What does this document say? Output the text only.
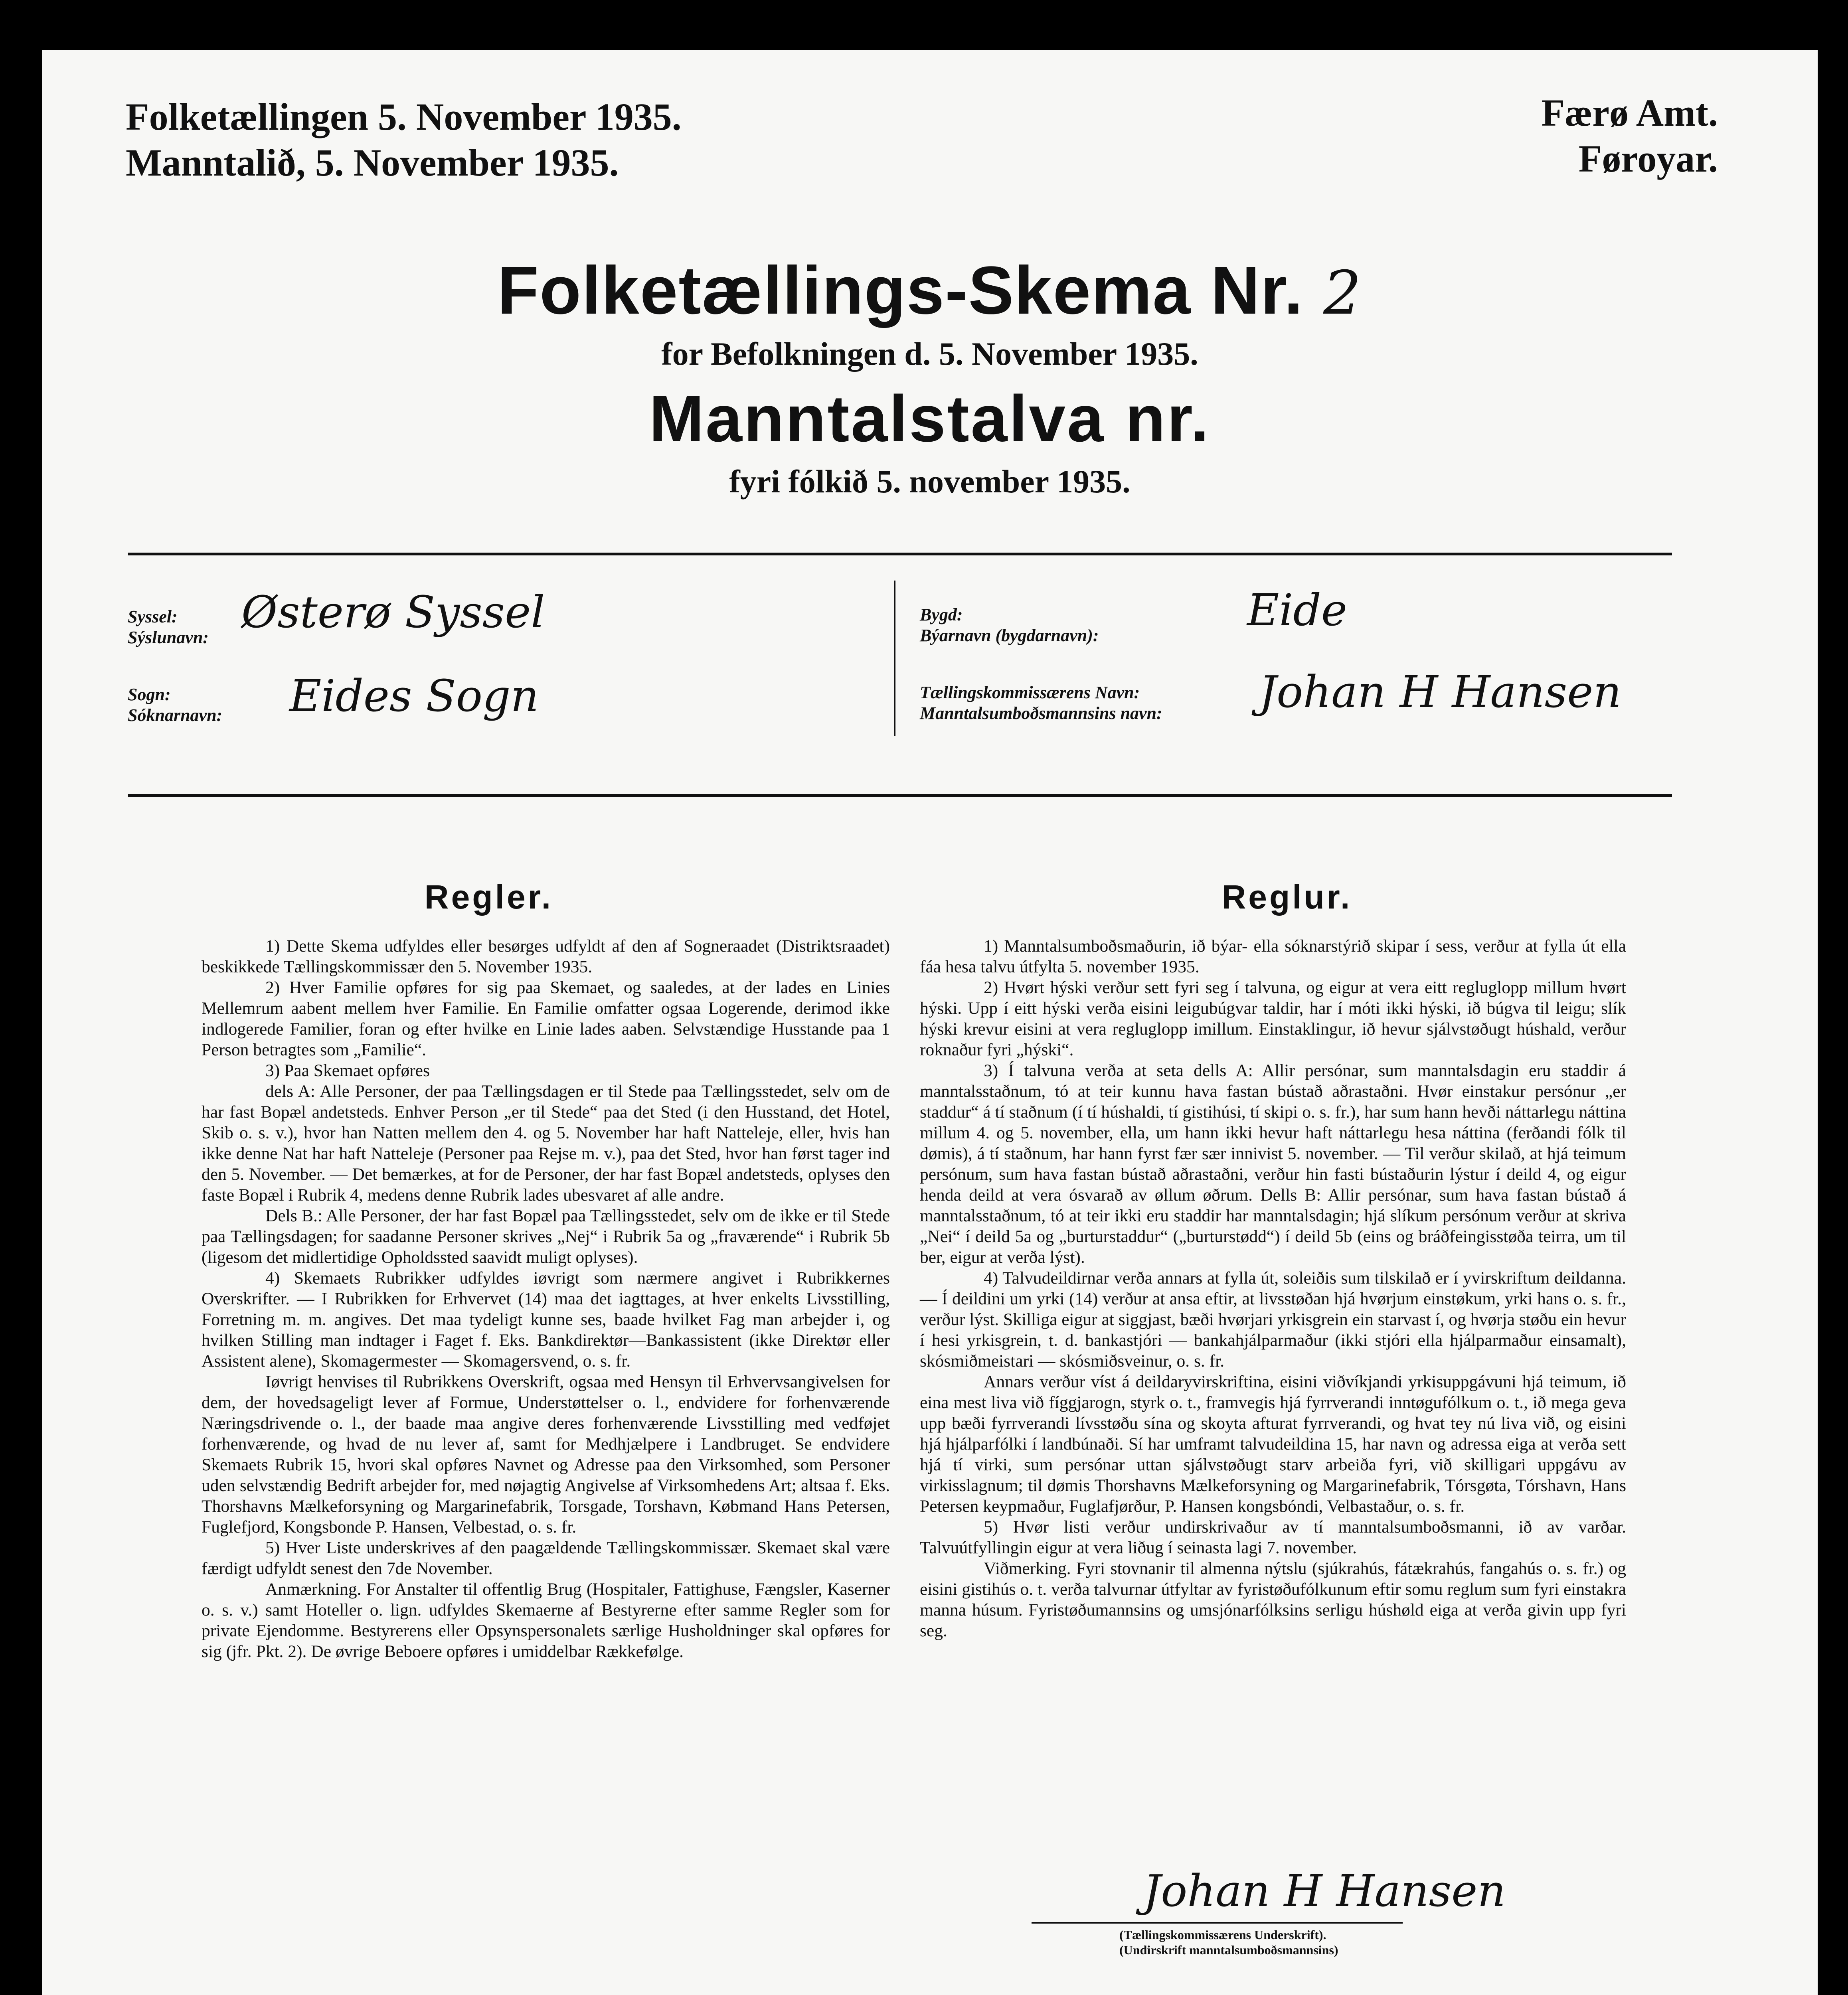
Folketællingen 5. November 1935.
Manntalið, 5. November 1935.
Færø Amt.
Føroyar.
Folketællings-Skema Nr. 2
for Befolkningen d. 5. November 1935.
Manntalstalva nr.
fyri fólkið 5. november 1935.
Syssel:
Sýslunavn: Østerø Syssel
Sogn:
Sóknarnavn: Eides Sogn
Bygd:
Býarnavn (bygdarnavn):	Eide
Tællingskommissærens Navn:
Manntalsumboðsmannsins navn: Johan H Hansen
Regler.

1) Dette Skema udfyldes eller besørges udfyldt af den af Sogneraadet (Distriktsraadet) beskikkede Tællingskommissær den 5. November 1935.

2) Hver Familie opføres for sig paa Skemaet, og saaledes, at der lades en Linies Mellemrum aabent mellem hver Familie. En Familie omfatter ogsaa Logerende, derimod ikke indlogerede Familier, foran og efter hvilke en Linie lades aaben. Selvstændige Husstande paa 1 Person betragtes som „Familie“.

3) Paa Skemaet opføres

dels A: Alle Personer, der paa Tællingsdagen er til Stede paa Tællingsstedet, selv om de har fast Bopæl andetsteds. Enhver Person „er til Stede“ paa det Sted (i den Husstand, det Hotel, Skib o. s. v.), hvor han Natten mellem den 4. og 5. November har haft Natteleje, eller, hvis han ikke denne Nat har haft Natteleje (Personer paa Rejse m. v.), paa det Sted, hvor han først tager ind den 5. November. — Det bemærkes, at for de Personer, der har fast Bopæl andetsteds, oplyses den faste Bopæl i Rubrik 4, medens denne Rubrik lades ubesvaret af alle andre.

Dels B.: Alle Personer, der har fast Bopæl paa Tællingsstedet, selv om de ikke er til Stede paa Tællingsdagen; for saadanne Personer skrives „Nej“ i Rubrik 5a og „fraværende“ i Rubrik 5b (ligesom det midlertidige Opholdssted saavidt muligt oplyses).

4) Skemaets Rubrikker udfyldes iøvrigt som nærmere angivet i Rubrikkernes Overskrifter. — I Rubrikken for Erhvervet (14) maa det iagttages, at hver enkelts Livsstilling, Forretning m. m. angives. Det maa tydeligt kunne ses, baade hvilket Fag man arbejder i, og hvilken Stilling man indtager i Faget f. Eks. Bankdirektør—Bankassistent (ikke Direktør eller Assistent alene), Skomagermester — Skomagersvend, o. s. fr.

Iøvrigt henvises til Rubrikkens Overskrift, ogsaa med Hensyn til Erhvervsangivelsen for dem, der hovedsageligt lever af Formue, Understøttelser o. l., endvidere for forhenværende Næringsdrivende o. l., der baade maa angive deres forhenværende Livsstilling med vedføjet forhenværende, og hvad de nu lever af, samt for Medhjælpere i Landbruget. Se endvidere Skemaets Rubrik 15, hvori skal opføres Navnet og Adresse paa den Virksomhed, som Personer uden selvstændig Bedrift arbejder for, med nøjagtig Angivelse af Virksomhedens Art; altsaa f. Eks. Thorshavns Mælkeforsyning og Margarinefabrik, Torsgade, Torshavn, Købmand Hans Petersen, Fuglefjord, Kongsbonde P. Hansen, Velbestad, o. s. fr.

5) Hver Liste underskrives af den paagældende Tællingskommissær. Skemaet skal være færdigt udfyldt senest den 7de November.

Anmærkning. For Anstalter til offentlig Brug (Hospitaler, Fattighuse, Fængsler, Kaserner o. s. v.) samt Hoteller o. lign. udfyldes Skemaerne af Bestyrerne efter samme Regler som for private Ejendomme. Bestyrerens eller Opsynspersonalets særlige Husholdninger skal opføres for sig (jfr. Pkt. 2). De øvrige Beboere opføres i umiddelbar Rækkefølge.

Reglur.

1) Manntalsumboðsmaðurin, ið býar- ella sóknarstýrið skipar í sess, verður at fylla út ella fáa hesa talvu útfylta 5. november 1935.

2) Hvørt hýski verður sett fyri seg í talvuna, og eigur at vera eitt regluglopp millum hvørt hýski. Upp í eitt hýski verða eisini leigubúgvar taldir, har í móti ikki hýski, ið búgva til leigu; slík hýski krevur eisini at vera regluglopp imillum. Einstaklingur, ið hevur sjálvstøðugt húshald, verður roknaður fyri „hýski“.

3) Í talvuna verða at seta dells A: Allir persónar, sum manntalsdagin eru staddir á manntalsstaðnum, tó at teir kunnu hava fastan bústað aðrastaðni. Hvør einstakur persónur „er staddur“ á tí staðnum (í tí húshaldi, tí gistihúsi, tí skipi o. s. fr.), har sum hann hevði náttarlegu náttina millum 4. og 5. november, ella, um hann ikki hevur haft náttarlegu hesa náttina (ferðandi fólk til dømis), á tí staðnum, har hann fyrst fær sær innivist 5. november. — Til verður skilað, at hjá teimum persónum, sum hava fastan bústað aðrastaðni, verður hin fasti bústaðurin lýstur í deild 4, og eigur henda deild at vera ósvarað av øllum øðrum. Dells B: Allir persónar, sum hava fastan bústað á manntalsstaðnum, tó at teir ikki eru staddir har manntalsdagin; hjá slíkum persónum verður at skriva „Nei“ í deild 5a og „burturstaddur“ („burturstødd“) í deild 5b (eins og bráðfeingisstøða teirra, um til ber, eigur at verða lýst).

4) Talvudeildirnar verða annars at fylla út, soleiðis sum tilskilað er í yvirskriftum deildanna. — Í deildini um yrki (14) verður at ansa eftir, at livsstøðan hjá hvørjum einstøkum, yrki hans o. s. fr., verður lýst. Skilliga eigur at siggjast, bæði hvørjari yrkisgrein ein starvast í, og hvørja støðu ein hevur í hesi yrkisgrein, t. d. bankastjóri — bankahjálparmaður (ikki stjóri ella hjálparmaður einsamalt), skósmiðmeistari — skósmiðsveinur, o. s. fr.

Annars verður víst á deildaryvirskriftina, eisini viðvíkjandi yrkisuppgávuni hjá teimum, ið eina mest liva við fíggjarogn, styrk o. t., framvegis hjá fyrrverandi inntøgufólkum o. t., ið mega geva upp bæði fyrrverandi lívsstøðu sína og skoyta afturat fyrrverandi, og hvat tey nú liva við, og eisini hjá hjálparfólki í landbúnaði. Sí har umframt talvudeildina 15, har navn og adressa eiga at verða sett hjá tí virki, sum persónar uttan sjálvstøðugt starv arbeiða fyri, við skilligari uppgávu av virkisslagnum; til dømis Thorshavns Mælkeforsyning og Margarinefabrik, Tórsgøta, Tórshavn, Hans Petersen keypmaður, Fuglafjørður, P. Hansen kongsbóndi, Velbastaður, o. s. fr.

5) Hvør listi verður undirskrivaður av tí manntalsumboðsmanni, ið av varðar. Talvuútfyllingin eigur at vera liðug í seinasta lagi 7. november.

Viðmerking. Fyri stovnanir til almenna nýtslu (sjúkrahús, fátækrahús, fangahús o. s. fr.) og eisini gistihús o. t. verða talvurnar útfyltar av fyristøðufólkunum eftir somu reglum sum fyri einstakra manna húsum. Fyristøðumannsins og umsjónarfólksins serligu húshøld eiga at verða givin upp fyri seg.

Johan H Hansen
(Tællingskommissærens Underskrift).
(Undirskrift manntalsumboðsmannsins)
